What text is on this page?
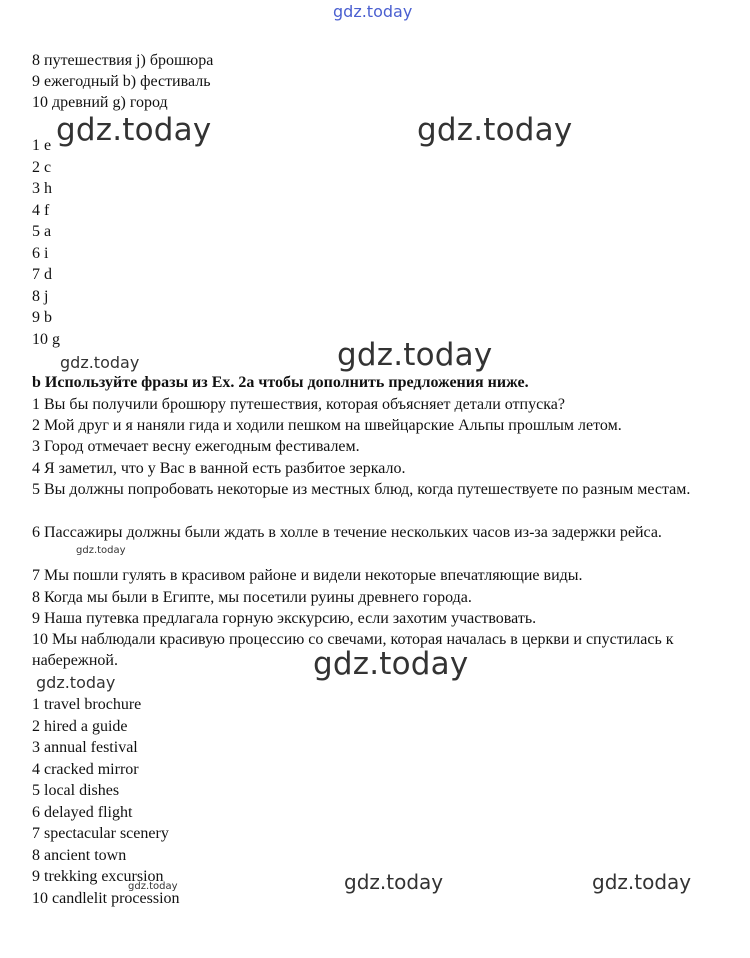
gdz.today
gdz.today	gdz.today
gdz.today	gdz.today
gdz.today
gdz.today
gdz.today
gdz.today	gdz.today
gdz.today
8 путешествия j) брошюра
9 ежегодный b) фестиваль
10 древний g) город
1 e
2 c
3 h
4 f
5 a
6 i
7 d
8 j
9 b
10 g
b Используйте фразы из Ex. 2a чтобы дополнить предложения ниже.
1 Вы бы получили брошюру путешествия, которая объясняет детали отпуска?
2 Мой друг и я наняли гида и ходили пешком на швейцарские Альпы прошлым летом.
3 Город отмечает весну ежегодным фестивалем.
4 Я заметил, что у Вас в ванной есть разбитое зеркало.
5 Вы должны попробовать некоторые из местных блюд, когда путешествуете по разным местам.
6 Пассажиры должны были ждать в холле в течение нескольких часов из-за задержки рейса.
7 Мы пошли гулять в красивом районе и видели некоторые впечатляющие виды.
8 Когда мы были в Египте, мы посетили руины древнего города.
9 Наша путевка предлагала горную экскурсию, если захотим участвовать.
10 Мы наблюдали красивую процессию со свечами, которая началась в церкви и спустилась к набережной.
1 travel brochure
2 hired a guide
3 annual festival
4 cracked mirror
5 local dishes
6 delayed flight
7 spectacular scenery
8 ancient town
9 trekking excursion
10 candlelit procession
